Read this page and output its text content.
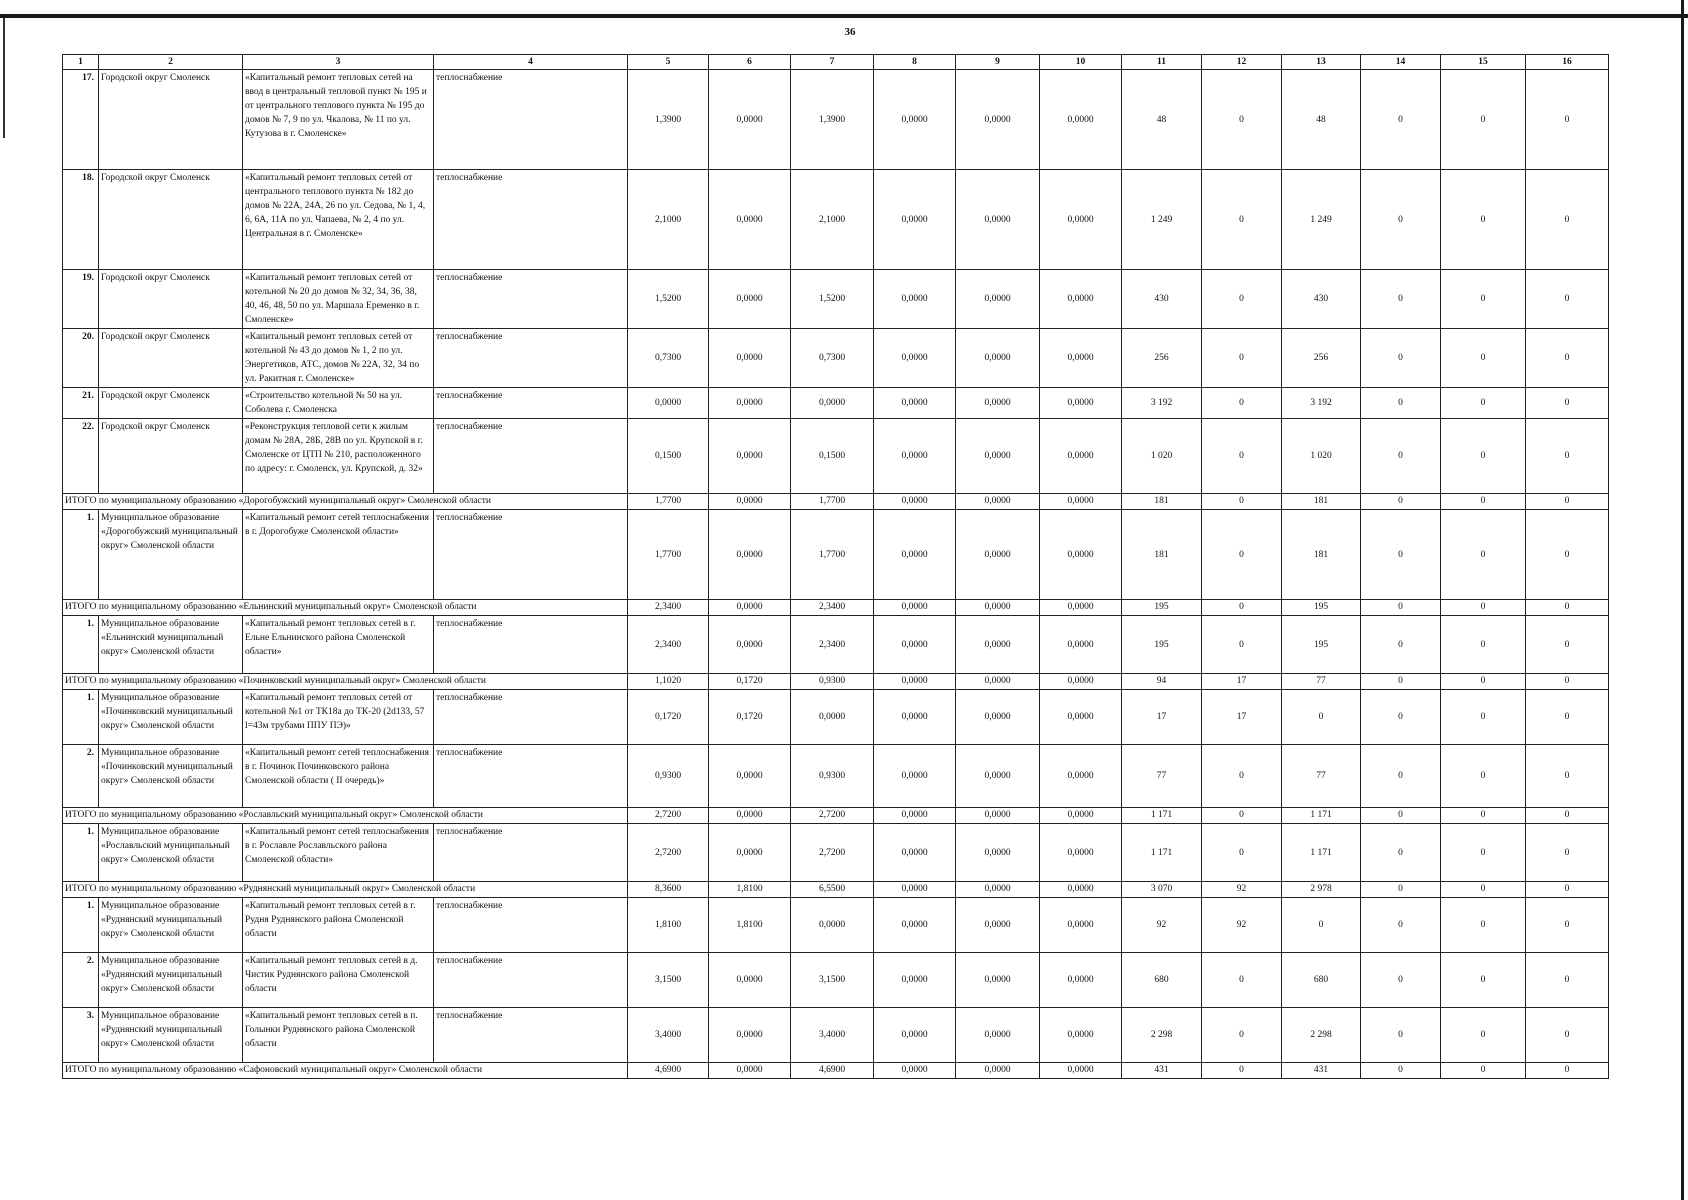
36
1	2	3	4	5	6	7	8	9	10	11	12	13	14	15	16
17.	Городской округ Смоленск	«Капитальный ремонт тепловых сетей на ввод в центральный тепловой пункт № 195 и от центрального теплового пункта № 195 до домов № 7, 9 по ул. Чкалова, № 11 по ул. Кутузова в г. Смоленске»	теплоснабжение	1,3900	0,0000	1,3900	0,0000	0,0000	0,0000	48	0	48	0	0	0
18.	Городской округ Смоленск	«Капитальный ремонт тепловых сетей от центрального теплового пункта № 182 до домов № 22А, 24А, 26 по ул. Седова, № 1, 4, 6, 6А, 11А по ул. Чапаева, № 2, 4 по ул. Центральная в г. Смоленске»	теплоснабжение	2,1000	0,0000	2,1000	0,0000	0,0000	0,0000	1 249	0	1 249	0	0	0
19.	Городской округ Смоленск	«Капитальный ремонт тепловых сетей от котельной № 20 до домов № 32, 34, 36, 38, 40, 46, 48, 50 по ул. Маршала Еременко в г. Смоленске»	теплоснабжение	1,5200	0,0000	1,5200	0,0000	0,0000	0,0000	430	0	430	0	0	0
20.	Городской округ Смоленск	«Капитальный ремонт тепловых сетей от котельной № 43 до домов № 1, 2 по ул. Энергетиков, АТС, домов № 22А, 32, 34 по ул. Ракитная г. Смоленске»	теплоснабжение	0,7300	0,0000	0,7300	0,0000	0,0000	0,0000	256	0	256	0	0	0
21.	Городской округ Смоленск	«Строительство котельной № 50 на ул. Соболева г. Смоленска	теплоснабжение	0,0000	0,0000	0,0000	0,0000	0,0000	0,0000	3 192	0	3 192	0	0	0
22.	Городской округ Смоленск	«Реконструкция тепловой сети к жилым домам № 28А, 28Б, 28В по ул. Крупской в г. Смоленске от ЦТП № 210, расположенного по адресу: г. Смоленск, ул. Крупской, д. 32»	теплоснабжение	0,1500	0,0000	0,1500	0,0000	0,0000	0,0000	1 020	0	1 020	0	0	0
ИТОГО по муниципальному образованию «Дорогобужский муниципальный округ» Смоленской области				1,7700	0,0000	1,7700	0,0000	0,0000	0,0000	181	0	181	0	0	0
1.	Муниципальное образование «Дорогобужский муниципальный округ» Смоленской области	«Капитальный ремонт сетей теплоснабжения в г. Дорогобуже Смоленской области»	теплоснабжение	1,7700	0,0000	1,7700	0,0000	0,0000	0,0000	181	0	181	0	0	0
ИТОГО по муниципальному образованию «Ельнинский муниципальный округ» Смоленской области				2,3400	0,0000	2,3400	0,0000	0,0000	0,0000	195	0	195	0	0	0
1.	Муниципальное образование «Ельнинский муниципальный округ» Смоленской области	«Капитальный ремонт тепловых сетей в г. Ельне Ельнинского района Смоленской области»	теплоснабжение	2,3400	0,0000	2,3400	0,0000	0,0000	0,0000	195	0	195	0	0	0
ИТОГО по муниципальному образованию «Починковский муниципальный округ» Смоленской области				1,1020	0,1720	0,9300	0,0000	0,0000	0,0000	94	17	77	0	0	0
1.	Муниципальное образование «Починковский муниципальный округ» Смоленской области	«Капитальный ремонт тепловых сетей от котельной №1 от ТК18а до ТК-20 (2d133, 57 l=43м трубами ППУ ПЭ)»	теплоснабжение	0,1720	0,1720	0,0000	0,0000	0,0000	0,0000	17	17	0	0	0	0
2.	Муниципальное образование «Починковский муниципальный округ» Смоленской области	«Капитальный ремонт сетей теплоснабжения в г. Починок Починковского района Смоленской области ( II очередь)»	теплоснабжение	0,9300	0,0000	0,9300	0,0000	0,0000	0,0000	77	0	77	0	0	0
ИТОГО по муниципальному образованию «Рославльский муниципальный округ» Смоленской области				2,7200	0,0000	2,7200	0,0000	0,0000	0,0000	1 171	0	1 171	0	0	0
1.	Муниципальное образование «Рославльский муниципальный округ» Смоленской области	«Капитальный ремонт сетей теплоснабжения в г. Рославле Рославльского района Смоленской области»	теплоснабжение	2,7200	0,0000	2,7200	0,0000	0,0000	0,0000	1 171	0	1 171	0	0	0
ИТОГО по муниципальному образованию «Руднянский муниципальный округ» Смоленской области				8,3600	1,8100	6,5500	0,0000	0,0000	0,0000	3 070	92	2 978	0	0	0
1.	Муниципальное образование «Руднянский муниципальный округ» Смоленской области	«Капитальный ремонт тепловых сетей в г. Рудня Руднянского района Смоленской области	теплоснабжение	1,8100	1,8100	0,0000	0,0000	0,0000	0,0000	92	92	0	0	0	0
2.	Муниципальное образование «Руднянский муниципальный округ» Смоленской области	«Капитальный ремонт тепловых сетей в д. Чистик Руднянского района Смоленской области	теплоснабжение	3,1500	0,0000	3,1500	0,0000	0,0000	0,0000	680	0	680	0	0	0
3.	Муниципальное образование «Руднянский муниципальный округ» Смоленской области	«Капитальный ремонт тепловых сетей в п. Голынки Руднянского района Смоленской области	теплоснабжение	3,4000	0,0000	3,4000	0,0000	0,0000	0,0000	2 298	0	2 298	0	0	0
ИТОГО по муниципальному образованию «Сафоновский муниципальный округ» Смоленской области				4,6900	0,0000	4,6900	0,0000	0,0000	0,0000	431	0	431	0	0	0
